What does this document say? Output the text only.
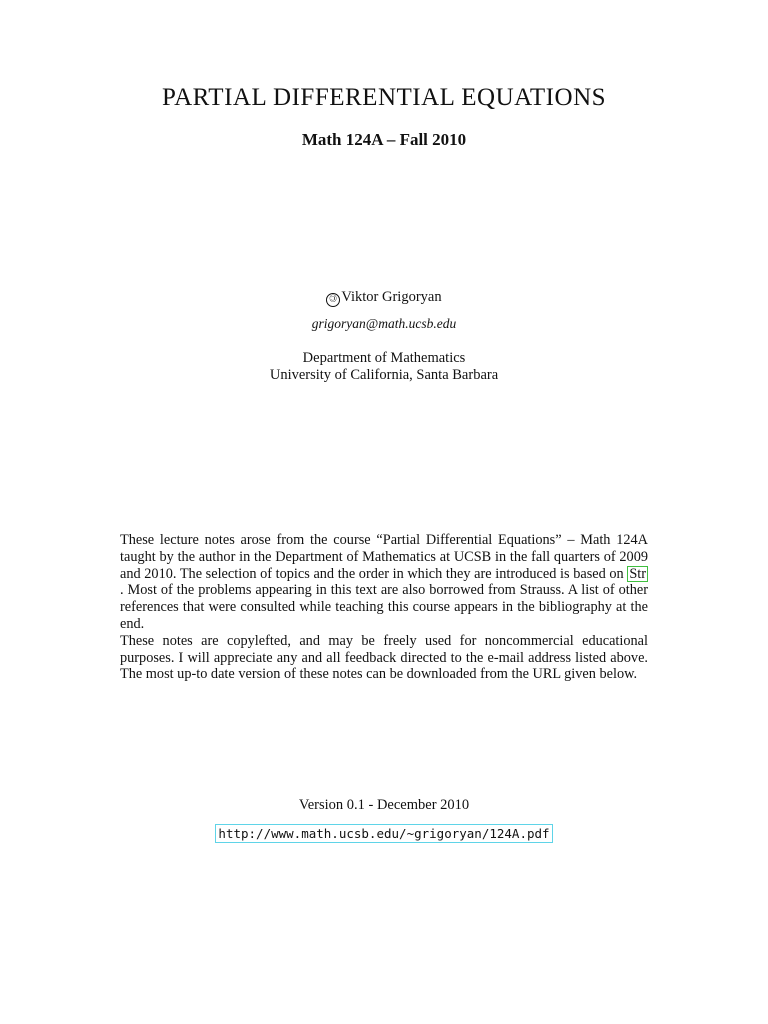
PARTIAL DIFFERENTIAL EQUATIONS
Math 124A – Fall 2010
© Viktor Grigoryan
grigoryan@math.ucsb.edu
Department of Mathematics
University of California, Santa Barbara

These lecture notes arose from the course “Partial Differential Equations” – Math 124A taught by the author in the Department of Mathematics at UCSB in the fall quarters of 2009 and 2010. The selection of topics and the order in which they are introduced is based on Str. Most of the problems appearing in this text are also borrowed from Strauss. A list of other references that were consulted while teaching this course appears in the bibliography at the end.

These notes are copylefted, and may be freely used for noncommercial educational purposes. I will appreciate any and all feedback directed to the e-mail address listed above. The most up-to date version of these notes can be downloaded from the URL given below.

Version 0.1 - December 2010
http://www.math.ucsb.edu/~grigoryan/124A.pdf
